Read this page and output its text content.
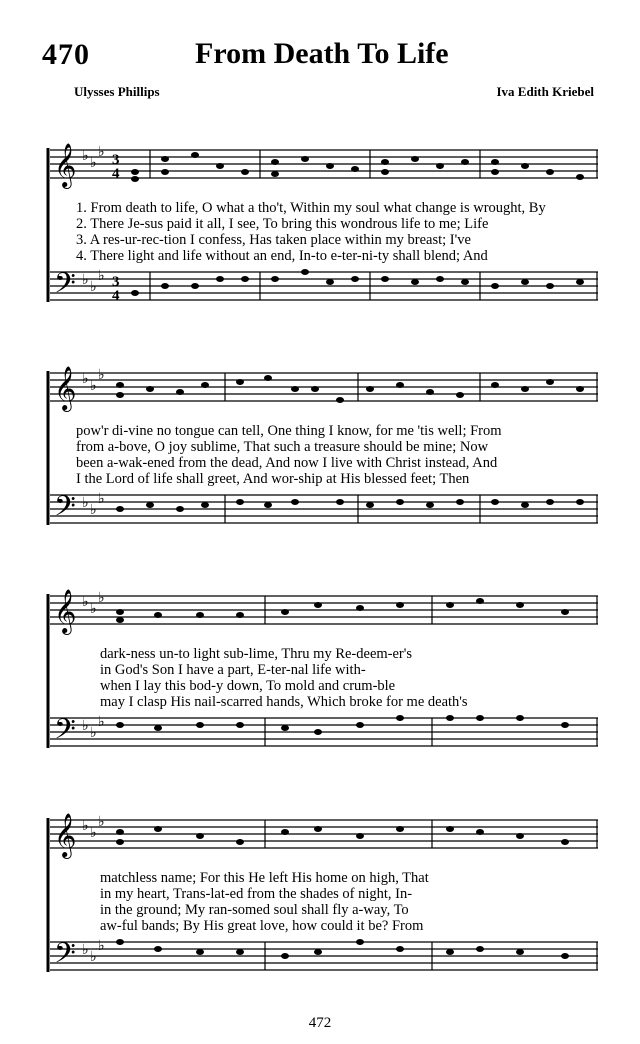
470	From Death To Life
Ulysses Phillips	Iva Edith Kriebel
𝄞
𝄢
♭ ♭
♭
♭ ♭
♭
3
4
3
4
1. From death to life, O what a tho't, Within my soul what change is wrought, By
2. There Je-sus paid it all, I see, To bring this wondrous life to me; Life
3. A res-ur-rec-tion I confess, Has taken place within my breast; I've
4. There light and life without an end, In-to e-ter-ni-ty shall blend; And
𝄞
𝄢
♭ ♭
♭
♭ ♭
♭
pow'r di-vine no tongue can tell, One thing I know, for me 'tis well; From
from a-bove, O joy sublime, That such a treasure should be mine; Now
been a-wak-ened from the dead, And now I live with Christ instead, And
I the Lord of life shall greet, And wor-ship at His blessed feet; Then
𝄞
𝄢
♭ ♭
♭
♭ ♭
♭
dark-ness un-to light sub-lime, Thru my Re-deem-er's
in God's Son I have a part, E-ter-nal life with-
when I lay this bod-y down, To mold and crum-ble
may I clasp His nail-scarred hands, Which broke for me death's
𝄞
𝄢
♭ ♭
♭
♭ ♭
♭
matchless name; For this He left His home on high, That
in my heart, Trans-lat-ed from the shades of night, In-
in the ground; My ran-somed soul shall fly a-way, To
aw-ful bands; By His great love, how could it be? From
472
